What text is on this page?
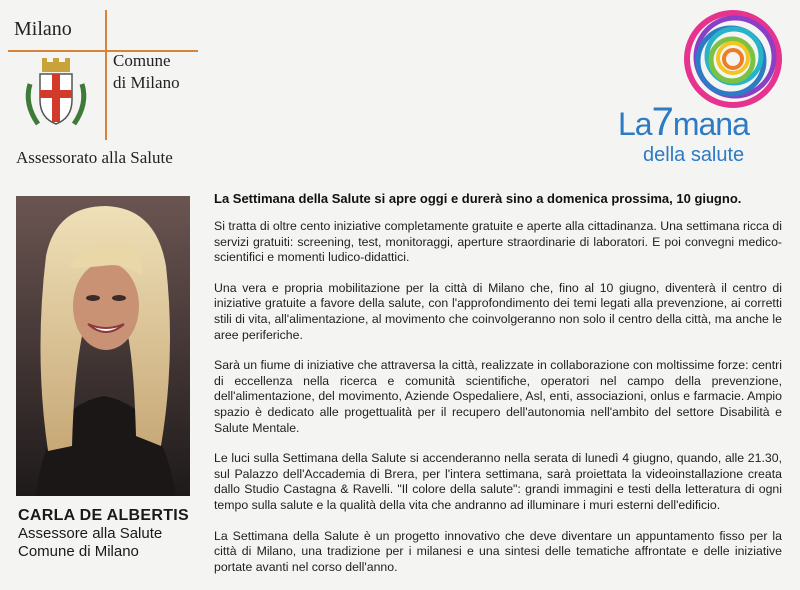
Milano
Comune
di Milano
Assessorato alla Salute
La7mana
della salute
CARLA DE ALBERTIS
Assessore alla Salute
Comune di Milano
La Settimana della Salute si apre oggi e durerà sino a domenica prossima, 10 giugno.

Si tratta di oltre cento iniziative completamente gratuite e aperte alla cittadinanza. Una settimana ricca di servizi gratuiti: screening, test, monitoraggi, aperture straordinarie di laboratori. E poi convegni medico-scientifici e momenti ludico-didattici.

Una vera e propria mobilitazione per la città di Milano che, fino al 10 giugno, diventerà il centro di iniziative gratuite a favore della salute, con l'approfondimento dei temi legati alla prevenzione, ai corretti stili di vita, all'alimentazione, al movimento che coinvolgeranno non solo il centro della città, ma anche le aree periferiche.

Sarà un fiume di iniziative che attraversa la città, realizzate in collaborazione con moltissime forze: centri di eccellenza nella ricerca e comunità scientifiche, operatori nel campo della prevenzione, dell'alimentazione, del movimento, Aziende Ospedaliere, Asl, enti, associazioni, onlus e farmacie. Ampio spazio è dedicato alle progettualità per il recupero dell'autonomia nell'ambito del settore Disabilità e Salute Mentale.

Le luci sulla Settimana della Salute si accenderanno nella serata di lunedì 4 giugno, quando, alle 21.30, sul Palazzo dell'Accademia di Brera, per l'intera settimana, sarà proiettata la videoinstallazione creata dallo Studio Castagna & Ravelli. "Il colore della salute": grandi immagini e testi della letteratura di ogni tempo sulla salute e la qualità della vita che andranno ad illuminare i muri esterni dell'edificio.

La Settimana della Salute è un progetto innovativo che deve diventare un appuntamento fisso per la città di Milano, una tradizione per i milanesi e una sintesi delle tematiche affrontate e delle iniziative portate avanti nel corso dell'anno.
